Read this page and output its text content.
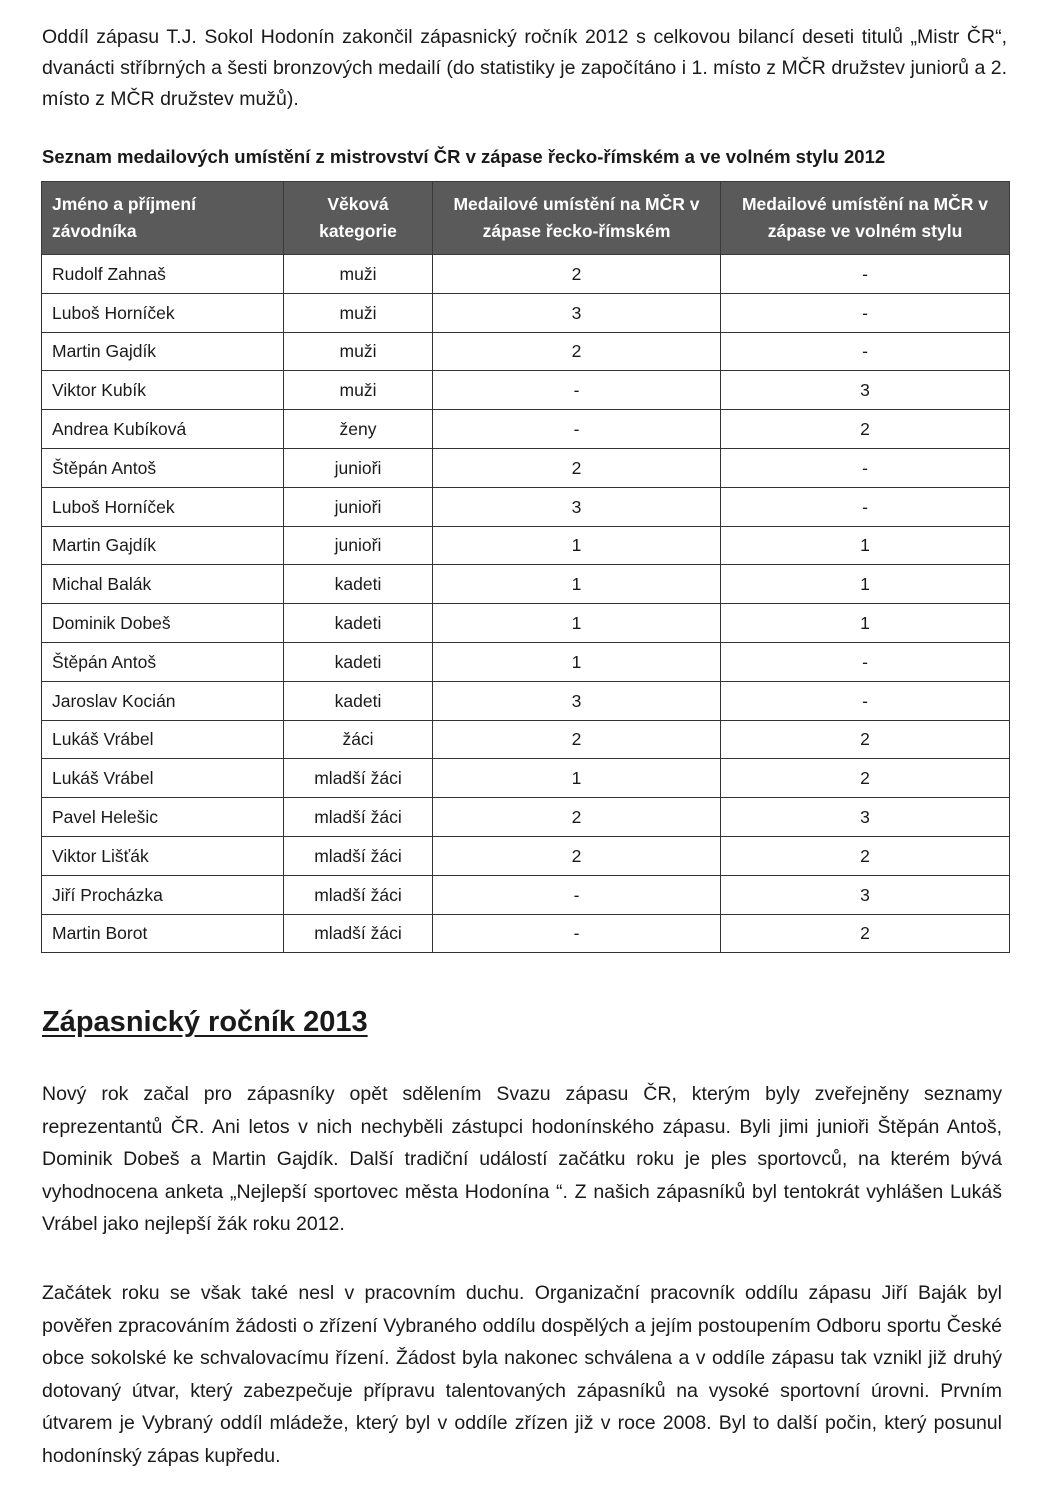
Oddíl zápasu T.J. Sokol Hodonín zakončil zápasnický ročník 2012 s celkovou bilancí deseti titulů „Mistr ČR“, dvanácti stříbrných a šesti bronzových medailí (do statistiky je započítáno i 1. místo z MČR družstev juniorů a 2. místo z MČR družstev mužů).

Seznam medailových umístění z mistrovství ČR v zápase řecko-římském a ve volném stylu 2012

Jméno a příjmení závodníka	Věková kategorie	Medailové umístění na MČR v zápase řecko-římském	Medailové umístění na MČR v zápase ve volném stylu
Rudolf Zahnaš	muži	2	-
Luboš Horníček	muži	3	-
Martin Gajdík	muži	2	-
Viktor Kubík	muži	-	3
Andrea Kubíková	ženy	-	2
Štěpán Antoš	junioři	2	-
Luboš Horníček	junioři	3	-
Martin Gajdík	junioři	1	1
Michal Balák	kadeti	1	1
Dominik Dobeš	kadeti	1	1
Štěpán Antoš	kadeti	1	-
Jaroslav Kocián	kadeti	3	-
Lukáš Vrábel	žáci	2	2
Lukáš Vrábel	mladší žáci	1	2
Pavel Helešic	mladší žáci	2	3
Viktor Lišťák	mladší žáci	2	2
Jiří Procházka	mladší žáci	-	3
Martin Borot	mladší žáci	-	2
Zápasnický ročník 2013

Nový rok začal pro zápasníky opět sdělením Svazu zápasu ČR, kterým byly zveřejněny seznamy reprezentantů ČR. Ani letos v nich nechyběli zástupci hodonínského zápasu. Byli jimi junioři Štěpán Antoš, Dominik Dobeš a Martin Gajdík. Další tradiční událostí začátku roku je ples sportovců, na kterém bývá vyhodnocena anketa „Nejlepší sportovec města Hodonína “. Z našich zápasníků byl tentokrát vyhlášen Lukáš Vrábel jako nejlepší žák roku 2012.

Začátek roku se však také nesl v pracovním duchu. Organizační pracovník oddílu zápasu Jiří Baják byl pověřen zpracováním žádosti o zřízení Vybraného oddílu dospělých a jejím postoupením Odboru sportu České obce sokolské ke schvalovacímu řízení. Žádost byla nakonec schválena a v oddíle zápasu tak vznikl již druhý dotovaný útvar, který zabezpečuje přípravu talentovaných zápasníků na vysoké sportovní úrovni. Prvním útvarem je Vybraný oddíl mládeže, který byl v oddíle zřízen již v roce 2008. Byl to další počin, který posunul hodonínský zápas kupředu.
